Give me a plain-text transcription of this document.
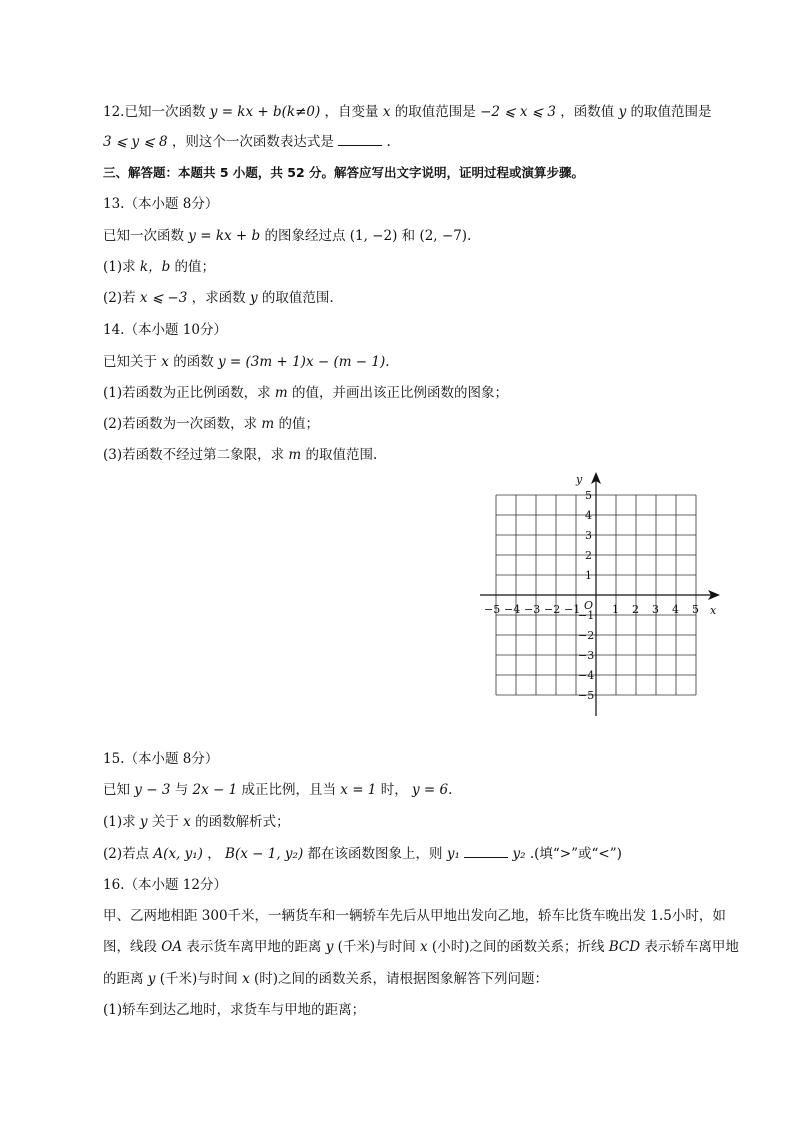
12.已知一次函数 y = kx + b(k≠0) ，自变量 x 的取值范围是 −2 ⩽ x ⩽ 3 ，函数值 y 的取值范围是
3 ⩽ y ⩽ 8 ，则这个一次函数表达式是	.
三、解答题：本题共 5 小题，共 52 分。解答应写出文字说明，证明过程或演算步骤。
13.（本小题 8分）
已知一次函数 y = kx + b 的图象经过点 (1, −2) 和 (2, −7).
(1)求 k，b 的值；
(2)若 x ⩽ −3 ，求函数 y 的取值范围.
14.（本小题 10分）
已知关于 x 的函数 y = (3m + 1)x − (m − 1).
(1)若函数为正比例函数，求 m 的值，并画出该正比例函数的图象；
(2)若函数为一次函数，求 m 的值；
(3)若函数不经过第二象限，求 m 的取值范围.
x
y
O
−5 −4 −3 −2 −1	1 2 3 4 5
5
4
3
2
1
−1
−2
−3
−4
−5
15.（本小题 8分）
已知 y − 3 与 2x − 1 成正比例，且当 x = 1 时， y = 6.
(1)求 y 关于 x 的函数解析式；
(2)若点 A(x, y₁) ， B(x − 1, y₂) 都在该函数图象上，则 y₁	y₂ .(填“>”或“<”)
16.（本小题 12分）
甲、乙两地相距 300千米，一辆货车和一辆轿车先后从甲地出发向乙地，轿车比货车晚出发 1.5小时，如
图，线段 OA 表示货车离甲地的距离 y (千米)与时间 x (小时)之间的函数关系；折线 BCD 表示轿车离甲地
的距离 y (千米)与时间 x (时)之间的函数关系，请根据图象解答下列问题：
(1)轿车到达乙地时，求货车与甲地的距离；
